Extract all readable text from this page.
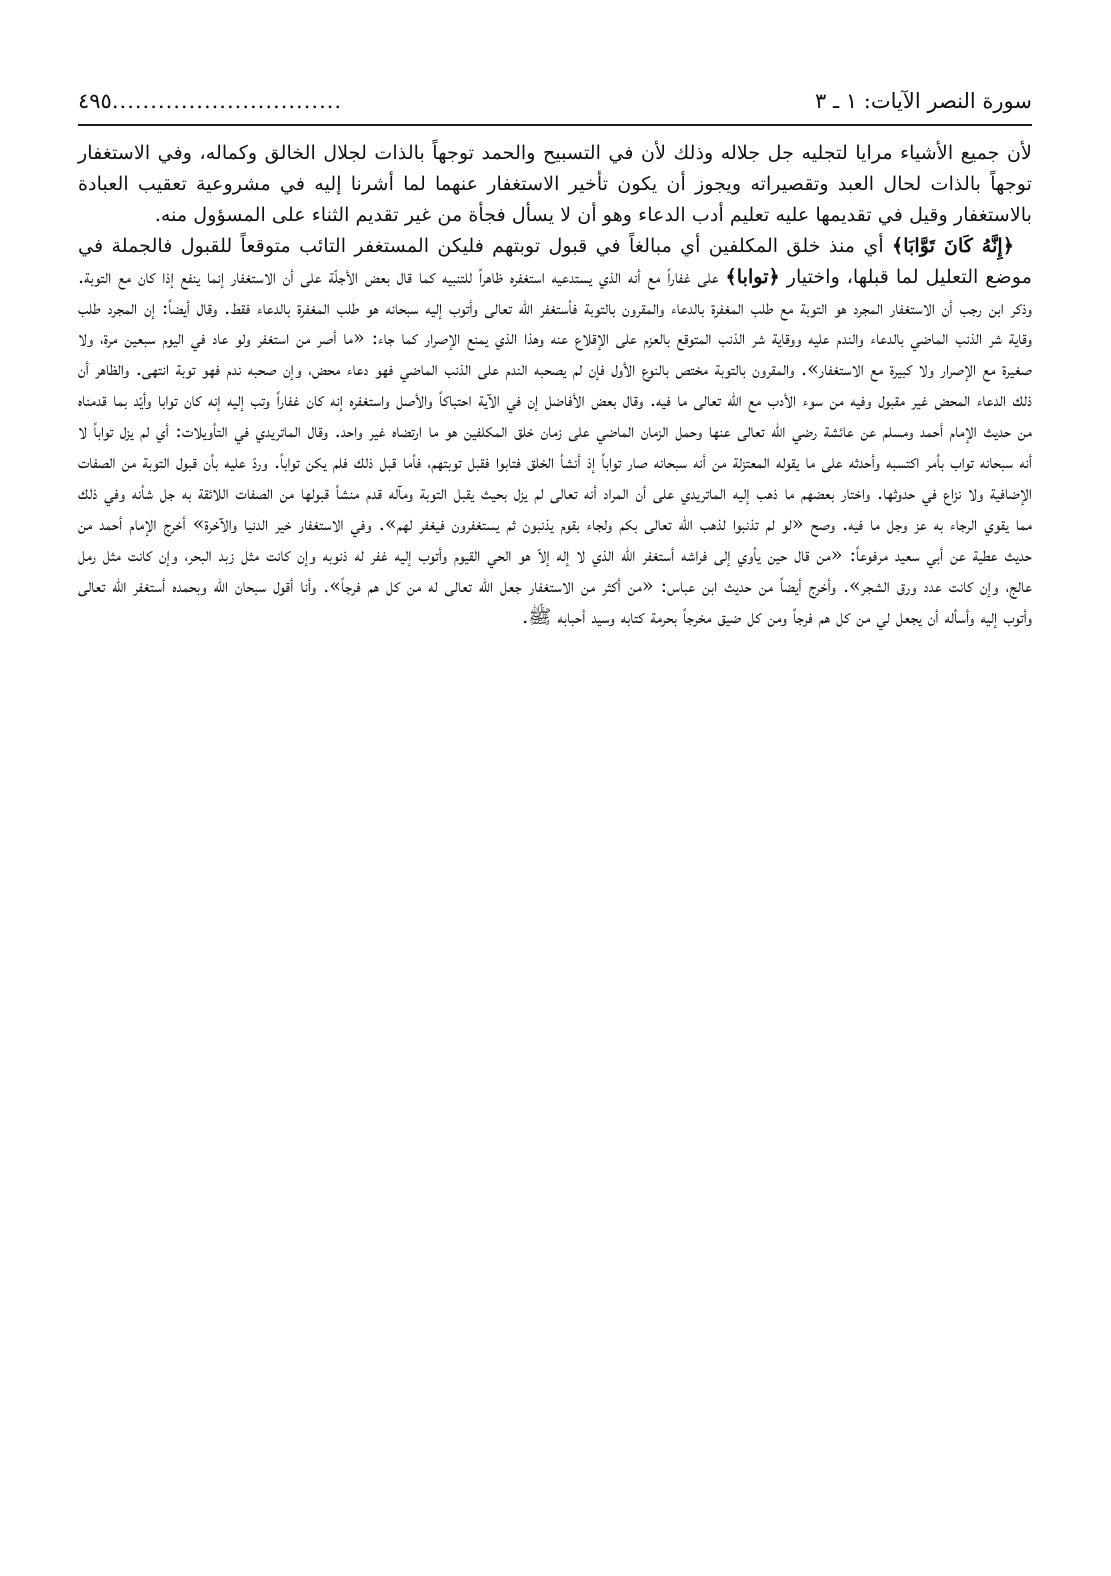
سورة النصر الآيات: ١ ـ ٣
..............................
٤٩٥

لأن جميع الأشياء مرايا لتجليه جل جلاله وذلك لأن في التسبيح والحمد توجهاً بالذات لجلال الخالق وكماله، وفي الاستغفار توجهاً بالذات لحال العبد وتقصيراته ويجوز أن يكون تأخير الاستغفار عنهما لما أشرنا إليه في مشروعية تعقيب العبادة بالاستغفار وقيل في تقديمها عليه تعليم أدب الدعاء وهو أن لا يسأل فجأة من غير تقديم الثناء على المسؤول منه.

﴿إِنَّهُ كَانَ تَوَّابَا﴾ أي منذ خلق المكلفين أي مبالغاً في قبول توبتهم فليكن المستغفر التائب متوقعاً للقبول فالجملة في موضع التعليل لما قبلها، واختيار ﴿توابا﴾ على غفاراً مع أنه الذي يستدعيه استغفره ظاهراً للتنبيه كما قال بعض الأجلّة على أن الاستغفار إنما ينفع إذا كان مع التوبة. وذكر ابن رجب أن الاستغفار المجرد هو التوبة مع طلب المغفرة بالدعاء والمقرون بالتوبة فأستغفر الله تعالى وأتوب إليه سبحانه هو طلب المغفرة بالدعاء فقط. وقال أيضاً: إن المجرد طلب وقاية شر الذنب الماضي بالدعاء والندم عليه ووقاية شر الذنب المتوقع بالعزم على الإقلاع عنه وهذا الذي يمنع الإصرار كما جاء: «ما أصر من استغفر ولو عاد في اليوم سبعين مرة، ولا صغيرة مع الإصرار ولا كبيرة مع الاستغفار». والمقرون بالتوبة مختص بالنوع الأول فإن لم يصحبه الندم على الذنب الماضي فهو دعاء محض، وإن صحبه ندم فهو توبة انتهى. والظاهر أن ذلك الدعاء المحض غير مقبول وفيه من سوء الأدب مع الله تعالى ما فيه. وقال بعض الأفاضل إن في الآية احتباكاً والأصل واستغفره إنه كان غفاراً وتب إليه إنه كان توابا وأيّد بما قدمناه من حديث الإمام أحمد ومسلم عن عائشة رضي الله تعالى عنها وحمل الزمان الماضي على زمان خلق المكلفين هو ما ارتضاه غير واحد. وقال الماتريدي في التأويلات: أي لم يزل تواباً لا أنه سبحانه تواب بأمر اكتسبه وأحدثه على ما يقوله المعتزلة من أنه سبحانه صار تواباً إذ أنشأ الخلق فتابوا فقبل توبتهم، فأما قبل ذلك فلم يكن تواباً. وردّ عليه بأن قبول التوبة من الصفات الإضافية ولا نزاع في حدوثها. واختار بعضهم ما ذهب إليه الماتريدي على أن المراد أنه تعالى لم يزل بحيث يقبل التوبة ومآله قدم منشأ قبولها من الصفات اللائقة به جل شأنه وفي ذلك مما يقوي الرجاء به عز وجل ما فيه. وصح «لو لم تذنبوا لذهب الله تعالى بكم ولجاء بقوم يذنبون ثم يستغفرون فيغفر لهم». وفي الاستغفار خير الدنيا والآخرة» أخرج الإمام أحمد من حديث عطية عن أبي سعيد مرفوعاً: «من قال حين يأوي إلى فراشه أستغفر الله الذي لا إله إلاّ هو الحي القيوم وأتوب إليه غفر له ذنوبه وإن كانت مثل زبد البحر، وإن كانت مثل رمل عالج، وإن كانت عدد ورق الشجر». وأخرج أيضاً من حديث ابن عباس: «من أكثر من الاستغفار جعل الله تعالى له من كل هم فرجاً». وأنا أقول سبحان الله وبحمده أستغفر الله تعالى وأتوب إليه وأسأله أن يجعل لي من كل هم فرجاً ومن كل ضيق مخرجاً بحرمة كتابه وسيد أحبابه ﷺ.
